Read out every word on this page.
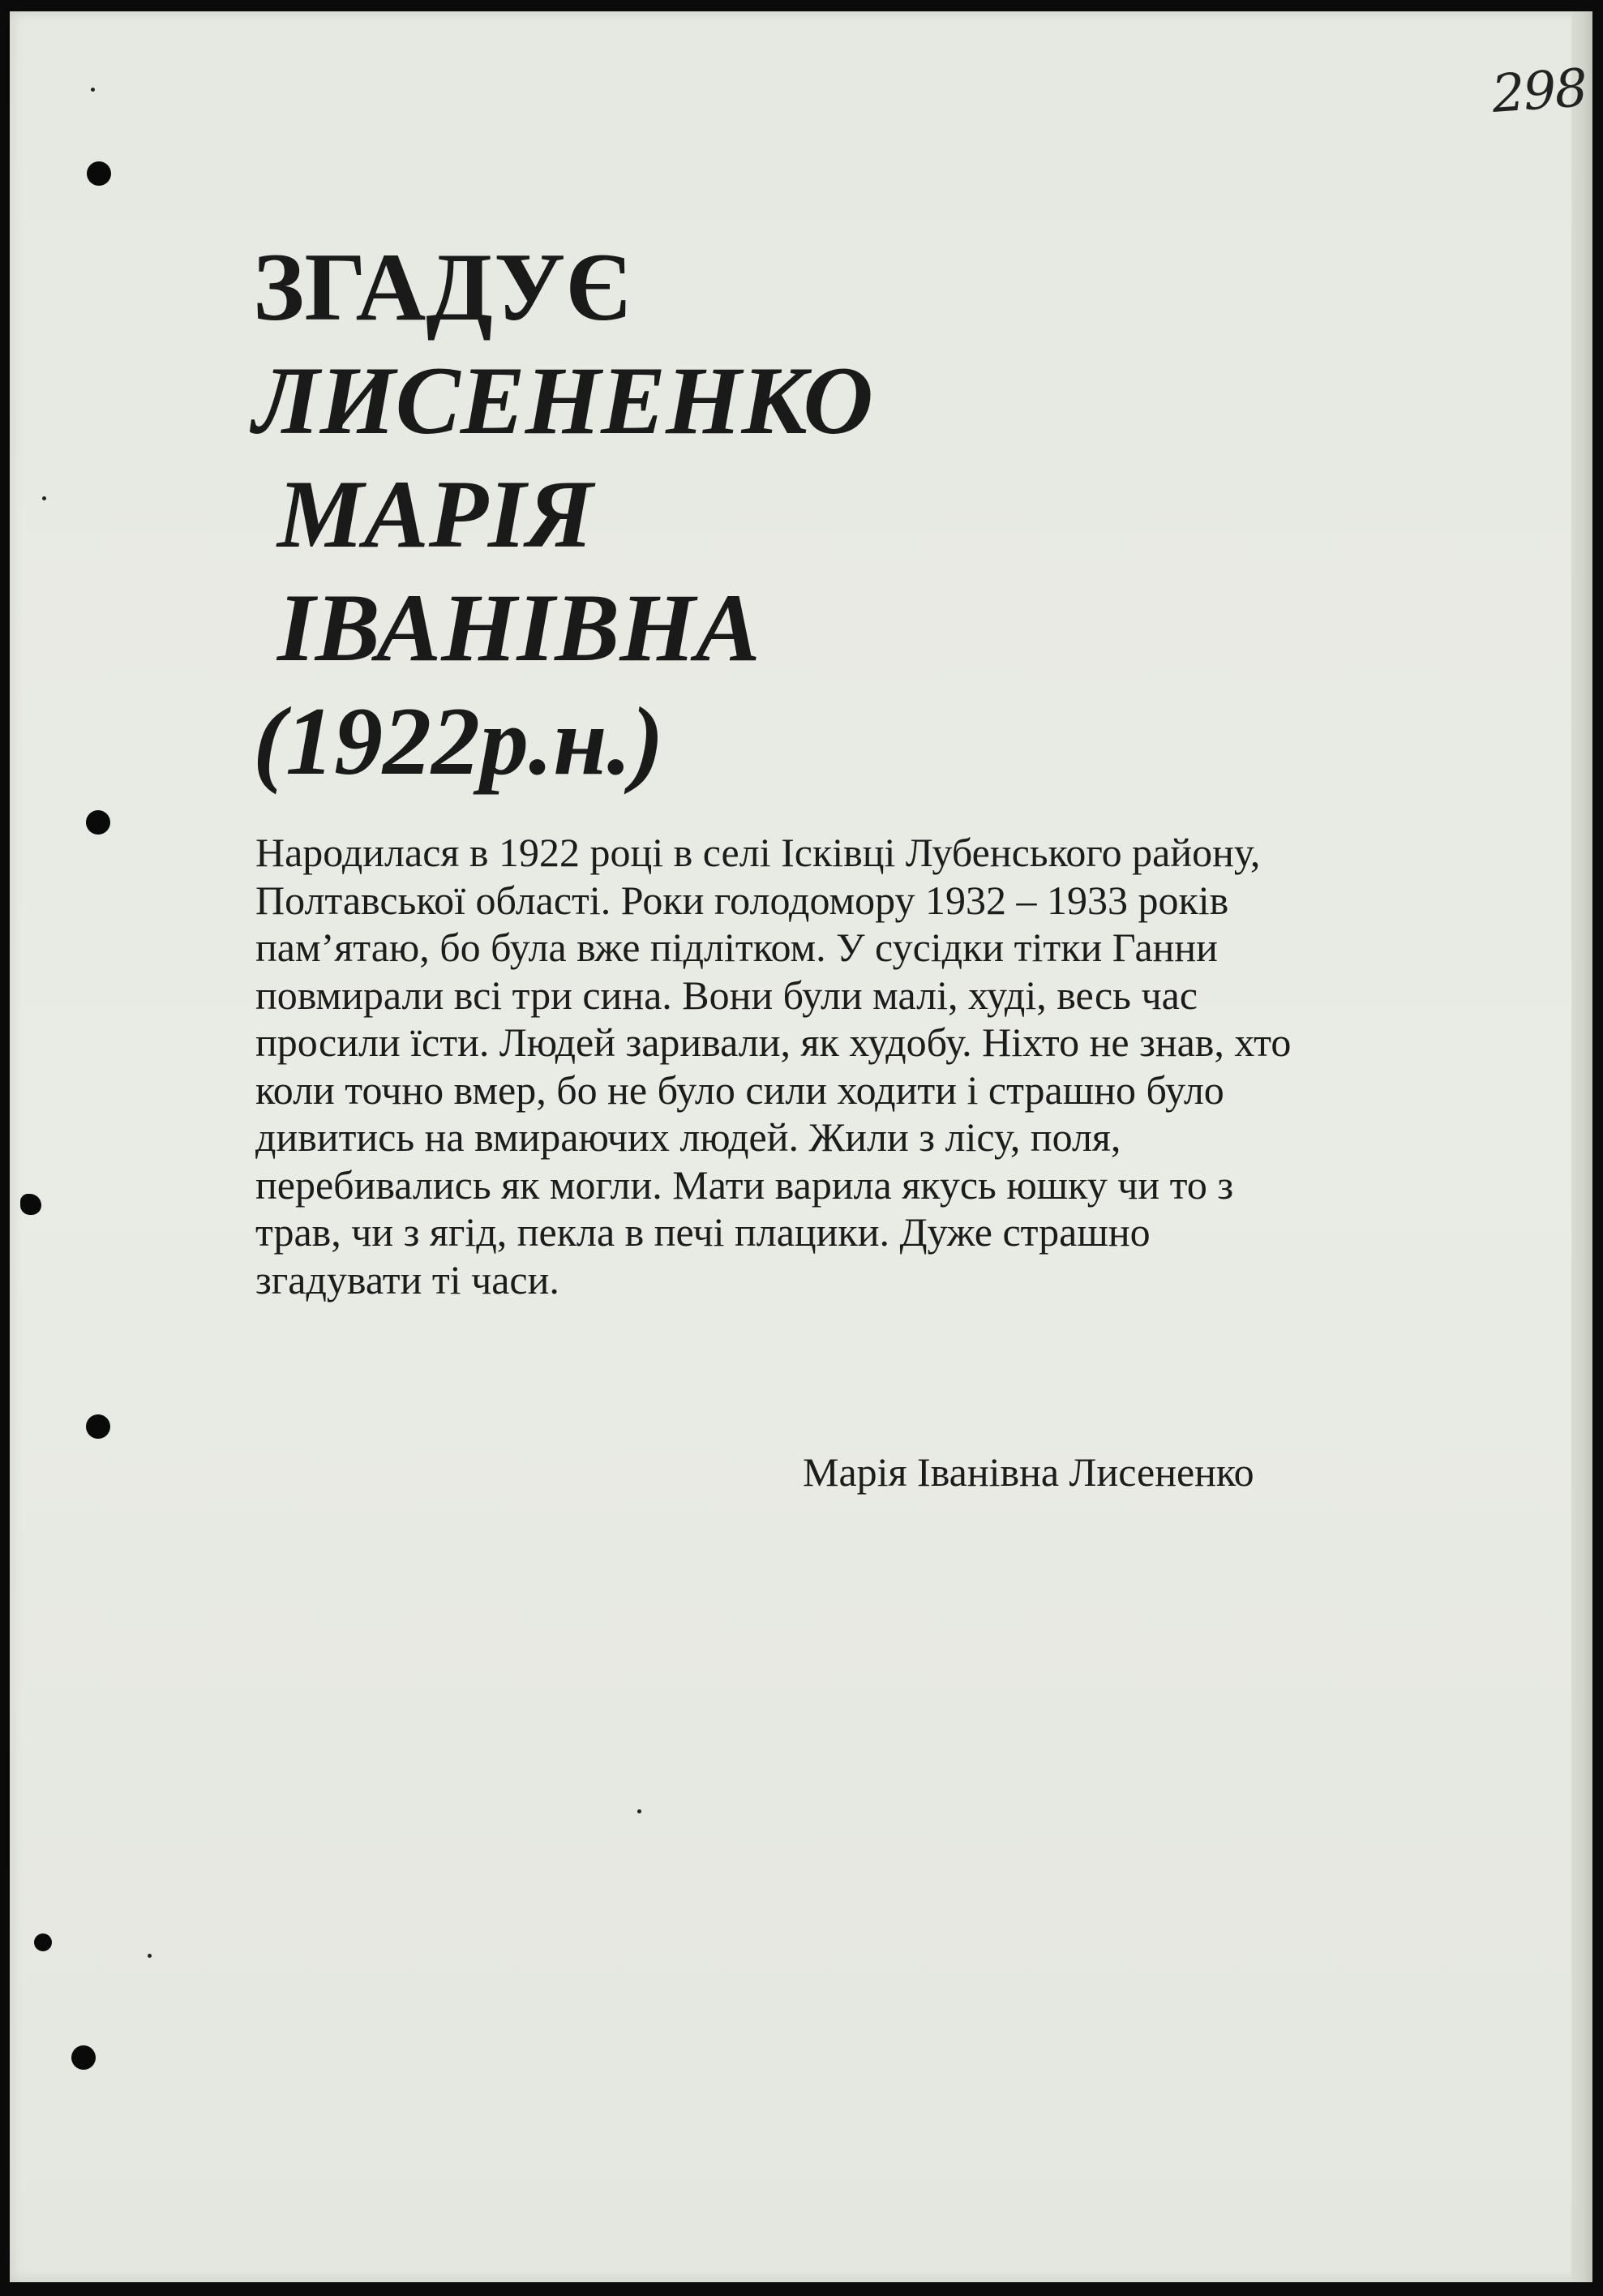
298
ЗГАДУЄ
ЛИСЕНЕНКО
МАРІЯ
ІВАНІВНА
(1922р.н.)
Народилася в 1922 році в селі Ісківці Лубенського району,
Полтавської області. Роки голодомору 1932 – 1933 років
пам’ятаю, бо була вже підлітком. У сусідки тітки Ганни
повмирали всі три сина. Вони були малі, худі, весь час
просили їсти. Людей заривали, як худобу. Ніхто не знав, хто
коли точно вмер, бо не було сили ходити і страшно було
дивитись на вмираючих людей. Жили з лісу, поля,
перебивались як могли. Мати варила якусь юшку чи то з
трав, чи з ягід, пекла в печі плацики. Дуже страшно
згадувати ті часи.
Марія Іванівна Лисененко
